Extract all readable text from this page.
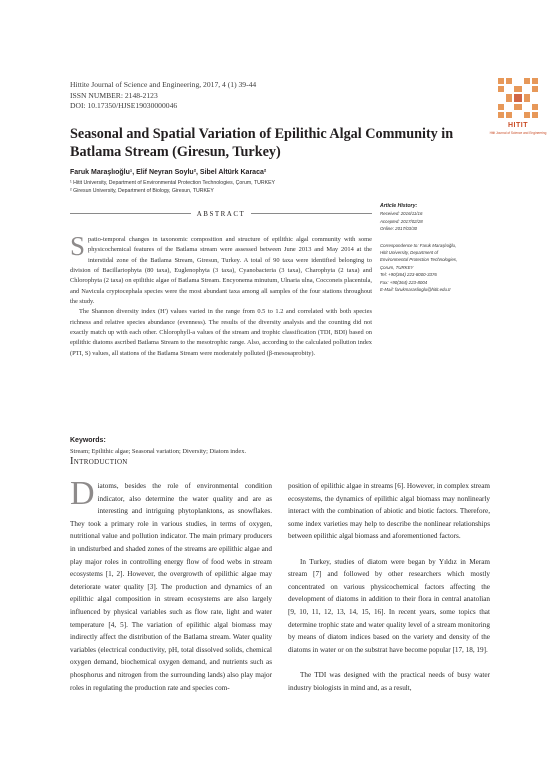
Hittite Journal of Science and Engineering, 2017, 4 (1) 39-44
ISSN NUMBER: 2148-2123
DOI: 10.17350/HJSE19030000046
HITIT
Hitit Journal of Science and Engineering
Seasonal and Spatial Variation of Epilithic Algal Community in Batlama Stream (Giresun, Turkey)
Faruk Maraşlıoğlu¹, Elif Neyran Soylu², Sibel Altürk Karaca²
¹ Hitit University, Department of Environmental Protection Technologies, Çorum, TURKEY
² Giresun University, Department of Biology, Giresun, TURKEY
ABSTRACT

Spatio-temporal changes in taxonomic composition and structure of epilithic algal community with some physicochemical features of the Batlama stream were assessed between June 2013 and May 2014 at the interstidal zone of the Batlama Stream, Giresun, Turkey. A total of 90 taxa were identified belonging to division of Bacillariophyta (80 taxa), Euglenophyta (3 taxa), Cyanobacteria (3 taxa), Charophyta (2 taxa) and Chlorophyta (2 taxa) on epilithic algae of Batlama Stream. Encyonema minutum, Ulnaria ulna, Cocconeis placentula, and Navicula cryptocephala species were the most abundant taxa among all samples of the four stations throughout the study.

The Shannon diversity index (H') values varied in the range from 0.5 to 1.2 and correlated with both species richness and relative species abundance (evenness). The results of the diversity analysis and the counting did not exactly match up with each other. Chlorophyll-a values of the stream and trophic classification (TDI, BDI) based on epilithic diatoms ascribed Batlama Stream to the mesotrophic range. Also, according to the calculated pollution index (PTI, S) values, all stations of the Batlama Stream were moderately polluted (β-mesosaprobity).

Article History:
Received: 2016/11/16
Accepted: 2017/02/28
Online: 2017/03/30
Correspondence to: Faruk Maraşlıoğlu,
Hitit University, Department of
Environmental Protection Technologies,
Çorum, TURKEY
Tel: +90(364) 223-8000-3376
Fax: +90(364) 223-8004
E-Mail: farukmaraslioglu@hitit.edu.tr
Keywords:
Stream; Epilithic algae; Seasonal variation; Diversity; Diatom index.
Introduction

Diatoms, besides the role of environmental condition indicator, also determine the water quality and are as interesting and intriguing phytoplanktons, as snowflakes. They took a primary role in various studies, in terms of oxygen, nutritional value and pollution indicator. The main primary producers in undisturbed and shaded zones of the streams are epilithic algae and play major roles in controlling energy flow of food webs in stream ecosystems [1, 2]. However, the overgrowth of epilithic algae may deteriorate water quality [3]. The production and dynamics of an epilithic algal composition in stream ecosystems are also largely influenced by physical variables such as flow rate, light and water temperature [4, 5]. The variation of epilithic algal biomass may indirectly affect the distribution of the Batlama stream. Water quality variables (electrical conductivity, pH, total dissolved solids, chemical oxygen demand, biochemical oxygen demand, and nutrients such as phosphorus and nitrogen from the surrounding lands) also play major roles in regulating the production rate and species com-

position of epilithic algae in streams [6]. However, in complex stream ecosystems, the dynamics of epilithic algal biomass may nonlinearly interact with the combination of abiotic and biotic factors. Therefore, some index varieties may help to describe the nonlinear relationships between epilithic algal biomass and aforementioned factors.

In Turkey, studies of diatom were began by Yıldız in Meram stream [7] and followed by other researchers which mostly concentrated on various physicochemical factors affecting the development of diatoms in addition to their flora in central anatolian [9, 10, 11, 12, 13, 14, 15, 16]. In recent years, some topics that determine trophic state and water quality level of a stream monitoring by means of diatom indices based on the variety and density of the diatoms in water or on the substrat have become popular [17, 18, 19].

The TDI was designed with the practical needs of busy water industry biologists in mind and, as a result,
